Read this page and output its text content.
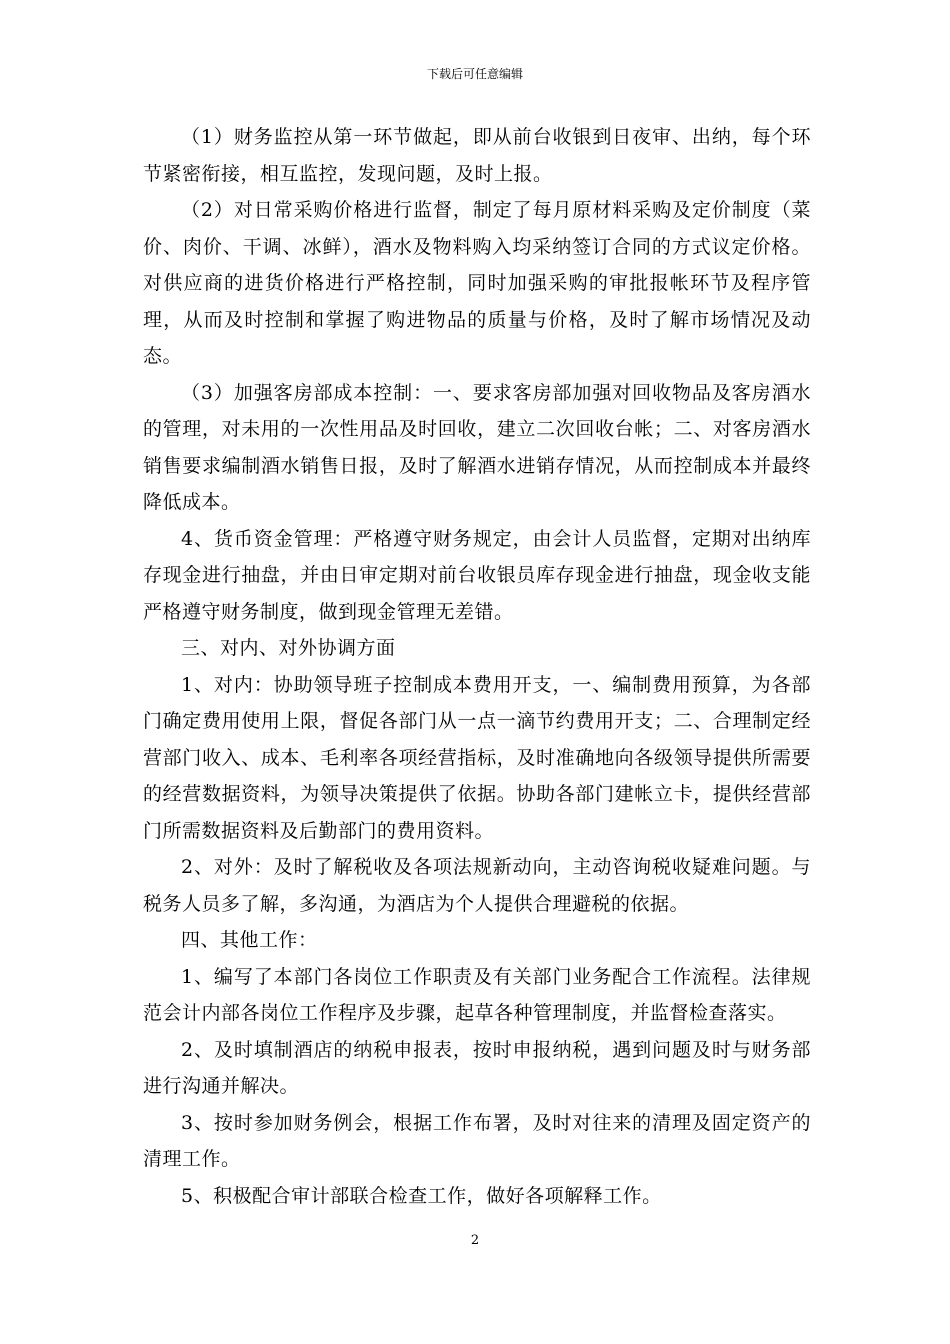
下载后可任意编辑

（1）财务监控从第一环节做起，即从前台收银到日夜审、出纳，每个环节紧密衔接，相互监控，发现问题，及时上报。

（2）对日常采购价格进行监督，制定了每月原材料采购及定价制度（菜价、肉价、干调、冰鲜），酒水及物料购入均采纳签订合同的方式议定价格。对供应商的进货价格进行严格控制，同时加强采购的审批报帐环节及程序管理，从而及时控制和掌握了购进物品的质量与价格，及时了解市场情况及动态。

（3）加强客房部成本控制：一、要求客房部加强对回收物品及客房酒水的管理，对未用的一次性用品及时回收，建立二次回收台帐；二、对客房酒水销售要求编制酒水销售日报，及时了解酒水进销存情况，从而控制成本并最终降低成本。

4、货币资金管理：严格遵守财务规定，由会计人员监督，定期对出纳库存现金进行抽盘，并由日审定期对前台收银员库存现金进行抽盘，现金收支能严格遵守财务制度，做到现金管理无差错。

三、对内、对外协调方面

1、对内：协助领导班子控制成本费用开支，一、编制费用预算，为各部门确定费用使用上限，督促各部门从一点一滴节约费用开支；二、合理制定经营部门收入、成本、毛利率各项经营指标，及时准确地向各级领导提供所需要的经营数据资料，为领导决策提供了依据。协助各部门建帐立卡，提供经营部门所需数据资料及后勤部门的费用资料。

2、对外：及时了解税收及各项法规新动向，主动咨询税收疑难问题。与税务人员多了解，多沟通，为酒店为个人提供合理避税的依据。

四、其他工作：

1、编写了本部门各岗位工作职责及有关部门业务配合工作流程。法律规范会计内部各岗位工作程序及步骤，起草各种管理制度，并监督检查落实。

2、及时填制酒店的纳税申报表，按时申报纳税，遇到问题及时与财务部进行沟通并解决。

3、按时参加财务例会，根据工作布署，及时对往来的清理及固定资产的清理工作。

5、积极配合审计部联合检查工作，做好各项解释工作。

2
